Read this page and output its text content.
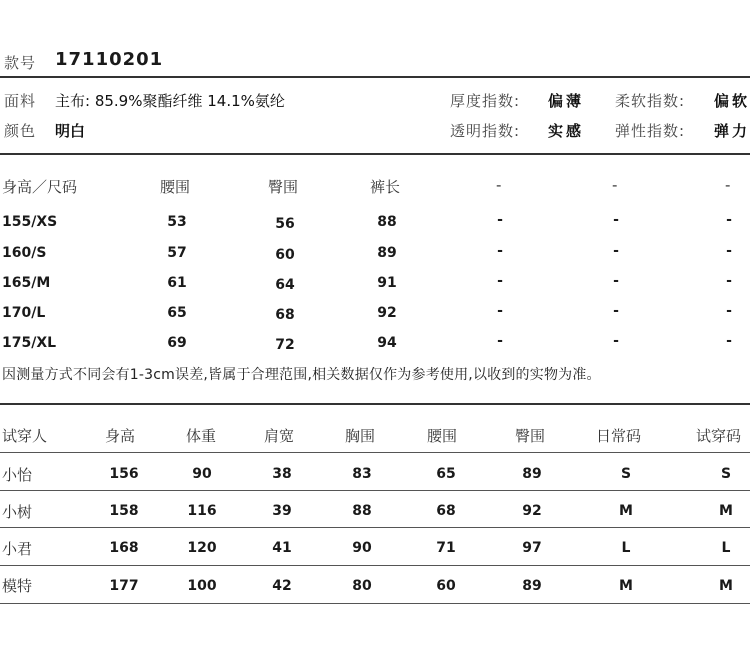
款号 17110201
面料 主布: 85.9%聚酯纤维 14.1%氨纶
颜色 明白
厚度指数: 偏薄 柔软指数: 偏软
透明指数: 实感 弹性指数: 弹力
身高／尺码	腰围	臀围	裤长	-	-	-
155/XS	53	56	88	-	-	-
160/S	57	60	89	-	-	-
165/M	61	64	91	-	-	-
170/L	65	68	92	-	-	-
175/XL	69	72	94	-	-	-
因测量方式不同会有1-3cm误差,皆属于合理范围,相关数据仅作为参考使用,以收到的实物为准。
试穿人	身高	体重	肩宽	胸围	腰围	臀围	日常码	试穿码
小怡	156	90	38	83	65	89	S	S
小树	158	116	39	88	68	92	M	M
小君	168	120	41	90	71	97	L	L
模特	177	100	42	80	60	89	M	M
